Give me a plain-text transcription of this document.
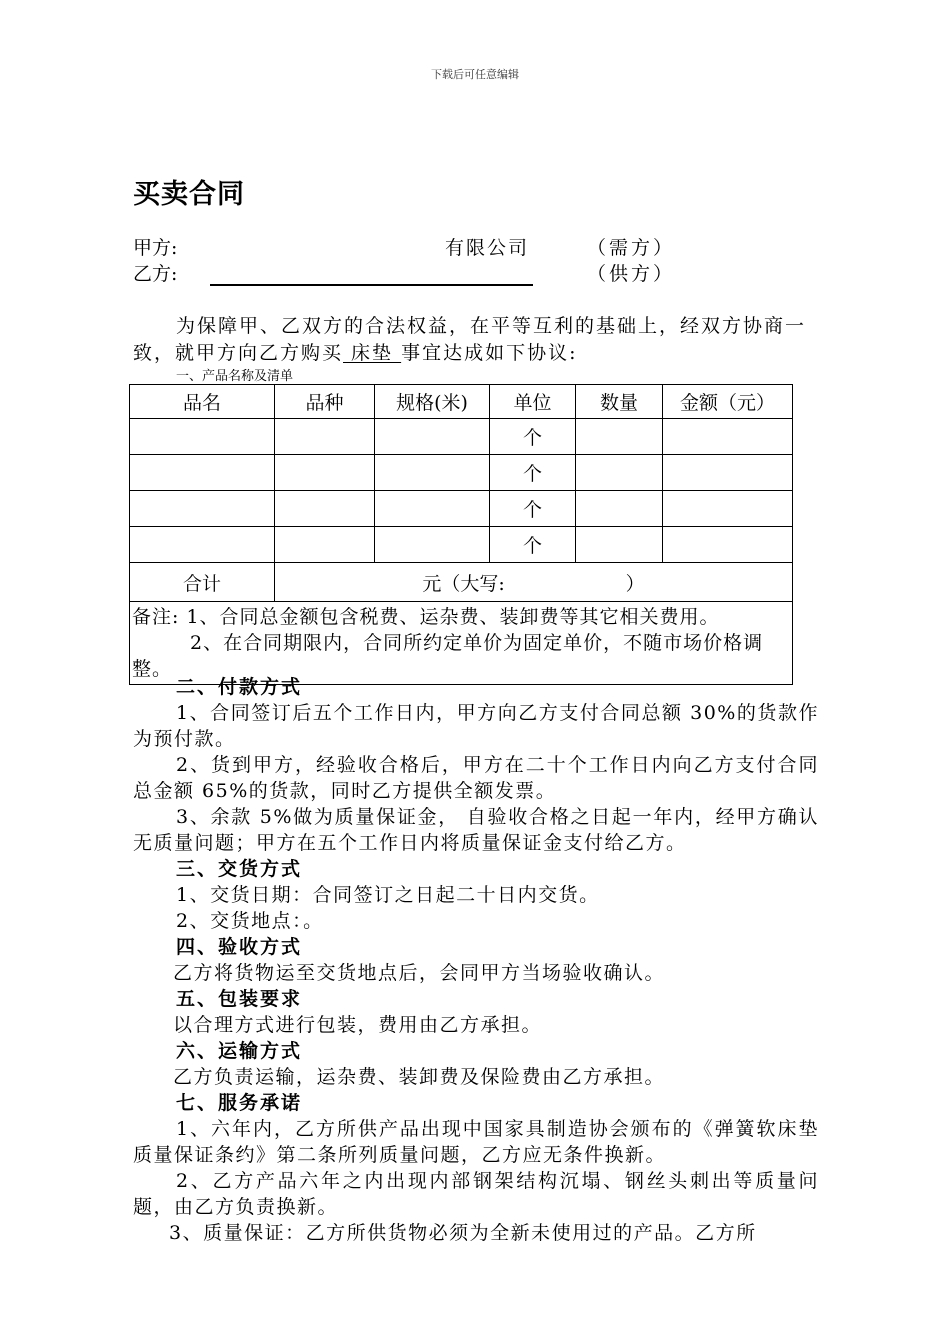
下载后可任意编辑
买卖合同
甲方:	有限公司	（需方）
乙方:	（供方）
为保障甲、乙双方的合法权益，在平等互利的基础上，经双方协商一致，就甲方向乙方购买 床垫 事宜达成如下协议:
一、产品名称及清单
品名	品种	规格(米)	单位	数量	金额（元）
			个		
			个		
			个		
			个		
合计	元（大写:                    ）				

备注: 1、合同总金额包含税费、运杂费、装卸费等其它相关费用。
2、在合同期限内，合同所约定单价为固定单价，不随市场价格调整。					
二、付款方式
1、合同签订后五个工作日内，甲方向乙方支付合同总额 30%的货款作为预付款。
2、货到甲方，经验收合格后，甲方在二十个工作日内向乙方支付合同总金额 65%的货款，同时乙方提供全额发票。
3、余款 5%做为质量保证金， 自验收合格之日起一年内，经甲方确认无质量问题；甲方在五个工作日内将质量保证金支付给乙方。
三、交货方式
1、交货日期：合同签订之日起二十日内交货。
2、交货地点：。
四、验收方式
乙方将货物运至交货地点后，会同甲方当场验收确认。
五、包装要求
以合理方式进行包装，费用由乙方承担。
六、运输方式
乙方负责运输，运杂费、装卸费及保险费由乙方承担。
七、服务承诺
1、六年内，乙方所供产品出现中国家具制造协会颁布的《弹簧软床垫质量保证条约》第二条所列质量问题，乙方应无条件换新。
2、乙方产品六年之内出现内部钢架结构沉塌、钢丝头刺出等质量问题，由乙方负责换新。
3、质量保证：乙方所供货物必须为全新未使用过的产品。乙方所
